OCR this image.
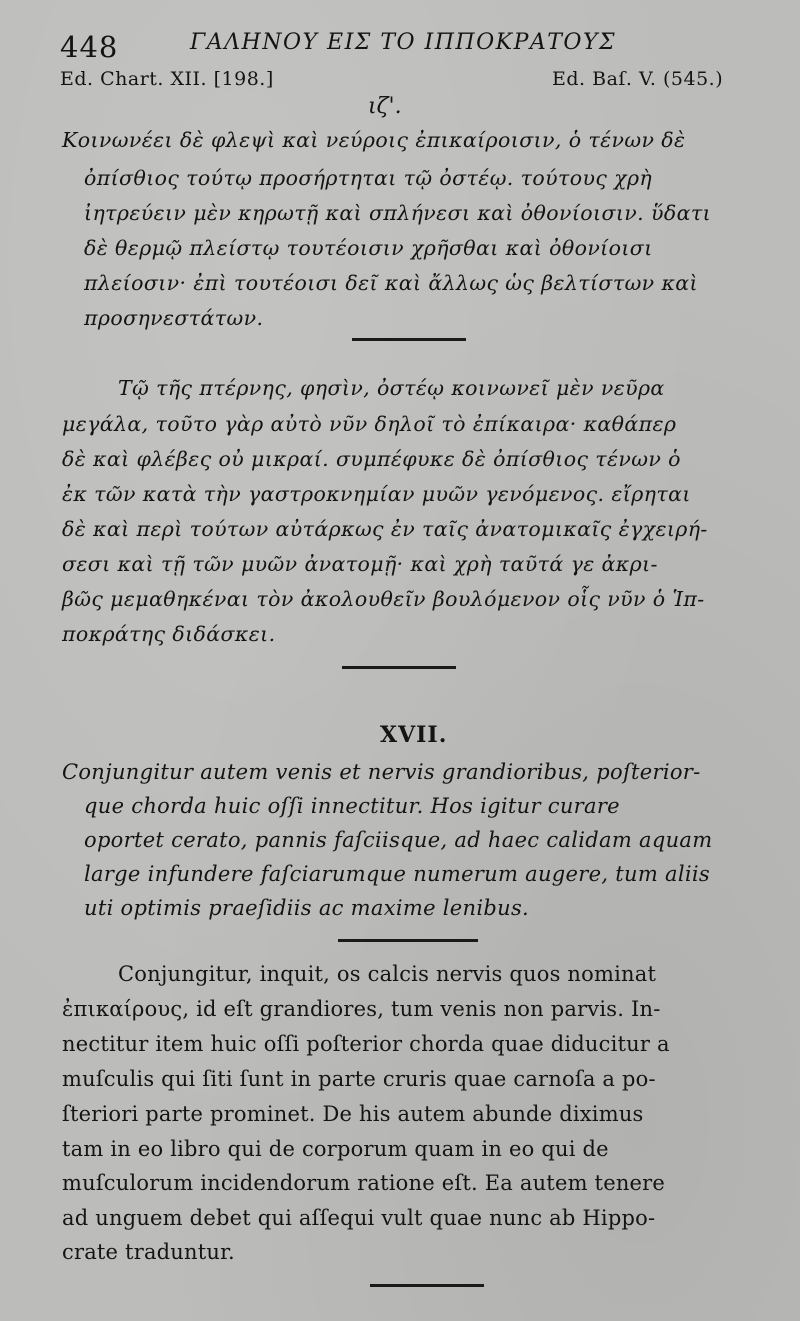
448	ΓΑΛΗΝΟΥ ΕΙΣ ΤΟ ΙΠΠΟΚΡΑΤΟΥΣ
Ed. Chart. XII. [198.]	Ed. Baſ. V. (545.)
ιζ'.
Κοινωνέει δὲ φλεψὶ καὶ νεύροις ἐπικαίροισιν, ὁ τένων δὲ
ὀπίσθιος τούτῳ προσήρτηται τῷ ὀστέῳ. τούτους χρὴ
ἰητρεύειν μὲν κηρωτῇ καὶ σπλήνεσι καὶ ὀθονίοισιν. ὕδατι
δὲ θερμῷ πλείστῳ τουτέοισιν χρῆσθαι καὶ ὀθονίοισι
πλείοσιν· ἐπὶ τουτέοισι δεῖ καὶ ἄλλως ὡς βελτίστων καὶ
προσηνεστάτων.
Τῷ τῆς πτέρνης, φησὶν, ὀστέῳ κοινωνεῖ μὲν νεῦρα
μεγάλα, τοῦτο γὰρ αὐτὸ νῦν δηλοῖ τὸ ἐπίκαιρα· καθάπερ
δὲ καὶ φλέβες οὐ μικραί. συμπέφυκε δὲ ὀπίσθιος τένων ὁ
ἐκ τῶν κατὰ τὴν γαστροκνημίαν μυῶν γενόμενος. εἴρηται
δὲ καὶ περὶ τούτων αὐτάρκως ἐν ταῖς ἀνατομικαῖς ἐγχειρή-
σεσι καὶ τῇ τῶν μυῶν ἀνατομῇ· καὶ χρὴ ταῦτά γε ἀκρι-
βῶς μεμαθηκέναι τὸν ἀκολουθεῖν βουλόμενον οἷς νῦν ὁ Ἱπ-
ποκράτης διδάσκει.
XVII.
Conjungitur autem venis et nervis grandioribus, poſterior-
que chorda huic oſſi innectitur. Hos igitur curare
oportet cerato, pannis faſciisque, ad haec calidam aquam
large infundere faſciarumque numerum augere, tum aliis
uti optimis praeſidiis ac maxime lenibus.
Conjungitur, inquit, os calcis nervis quos nominat
ἐπικαίρους, id eſt grandiores, tum venis non parvis. In-
nectitur item huic oſſi poſterior chorda quae diducitur a
muſculis qui ſiti ſunt in parte cruris quae carnoſa a po-
ſteriori parte prominet. De his autem abunde diximus
tam in eo libro qui de corporum quam in eo qui de
muſculorum incidendorum ratione eſt. Ea autem tenere
ad unguem debet qui aſſequi vult quae nunc ab Hippo-
crate traduntur.
